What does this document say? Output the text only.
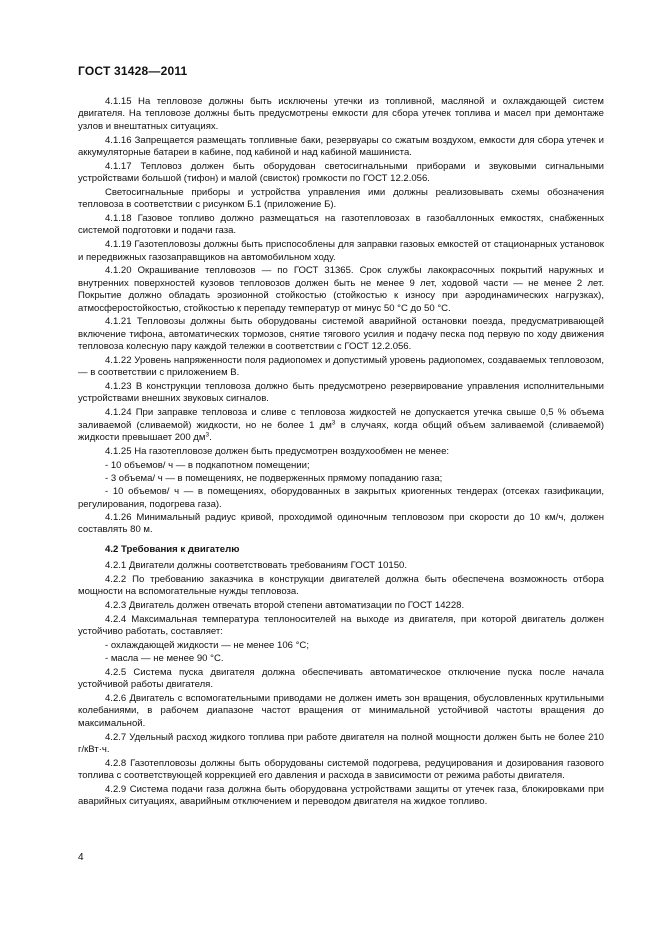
ГОСТ 31428—2011

4.1.15 На тепловозе должны быть исключены утечки из топливной, масляной и охлаждающей систем двигателя. На тепловозе должны быть предусмотрены емкости для сбора утечек топлива и масел при демонтаже узлов и внештатных ситуациях.

4.1.16 Запрещается размещать топливные баки, резервуары со сжатым воздухом, емкости для сбора утечек и аккумуляторные батареи в кабине, под кабиной и над кабиной машиниста.

4.1.17 Тепловоз должен быть оборудован светосигнальными приборами и звуковыми сигнальными устройствами большой (тифон) и малой (свисток) громкости по ГОСТ 12.2.056.

Светосигнальные приборы и устройства управления ими должны реализовывать схемы обозначения тепловоза в соответствии с рисунком Б.1 (приложение Б).

4.1.18 Газовое топливо должно размещаться на газотепловозах в газобаллонных емкостях, снабженных системой подготовки и подачи газа.

4.1.19 Газотепловозы должны быть приспособлены для заправки газовых емкостей от стационарных установок и передвижных газозаправщиков на автомобильном ходу.

4.1.20 Окрашивание тепловозов — по ГОСТ 31365. Срок службы лакокрасочных покрытий наружных и внутренних поверхностей кузовов тепловозов должен быть не менее 9 лет, ходовой части — не менее 2 лет. Покрытие должно обладать эрозионной стойкостью (стойкостью к износу при аэродинамических нагрузках), атмосферостойкостью, стойкостью к перепаду температур от минус 50 °С до 50 °С.

4.1.21 Тепловозы должны быть оборудованы системой аварийной остановки поезда, предусматривающей включение тифона, автоматических тормозов, снятие тягового усилия и подачу песка под первую по ходу движения тепловоза колесную пару каждой тележки в соответствии с ГОСТ 12.2.056.

4.1.22 Уровень напряженности поля радиопомех и допустимый уровень радиопомех, создаваемых тепловозом, — в соответствии с приложением В.

4.1.23 В конструкции тепловоза должно быть предусмотрено резервирование управления исполнительными устройствами внешних звуковых сигналов.

4.1.24 При заправке тепловоза и сливе с тепловоза жидкостей не допускается утечка свыше 0,5 % объема заливаемой (сливаемой) жидкости, но не более 1 $дм^3$ в случаях, когда общий объем заливаемой (сливаемой) жидкости превышает 200 $дм^3$.

4.1.25 На газотепловозе должен быть предусмотрен воздухообмен не менее:

- 10 объемов/ ч — в подкапотном помещении;

- 3 объема/ ч — в помещениях, не подверженных прямому попаданию газа;

- 10 объемов/ ч — в помещениях, оборудованных в закрытых криогенных тендерах (отсеках газификации, регулирования, подогрева газа).

4.1.26 Минимальный радиус кривой, проходимой одиночным тепловозом при скорости до 10 км/ч, должен составлять 80 м.

4.2 Требования к двигателю

4.2.1 Двигатели должны соответствовать требованиям ГОСТ 10150.

4.2.2 По требованию заказчика в конструкции двигателей должна быть обеспечена возможность отбора мощности на вспомогательные нужды тепловоза.

4.2.3 Двигатель должен отвечать второй степени автоматизации по ГОСТ 14228.

4.2.4 Максимальная температура теплоносителей на выходе из двигателя, при которой двигатель должен устойчиво работать, составляет:

- охлаждающей жидкости — не менее 106 °С;

- масла — не менее 90 °С.

4.2.5 Система пуска двигателя должна обеспечивать автоматическое отключение пуска после начала устойчивой работы двигателя.

4.2.6 Двигатель с вспомогательными приводами не должен иметь зон вращения, обусловленных крутильными колебаниями, в рабочем диапазоне частот вращения от минимальной устойчивой частоты вращения до максимальной.

4.2.7 Удельный расход жидкого топлива при работе двигателя на полной мощности должен быть не более 210 г/кВт·ч.

4.2.8 Газотепловозы должны быть оборудованы системой подогрева, редуцирования и дозирования газового топлива с соответствующей коррекцией его давления и расхода в зависимости от режима работы двигателя.

4.2.9 Система подачи газа должна быть оборудована устройствами защиты от утечек газа, блокировками при аварийных ситуациях, аварийным отключением и переводом двигателя на жидкое топливо.

4
